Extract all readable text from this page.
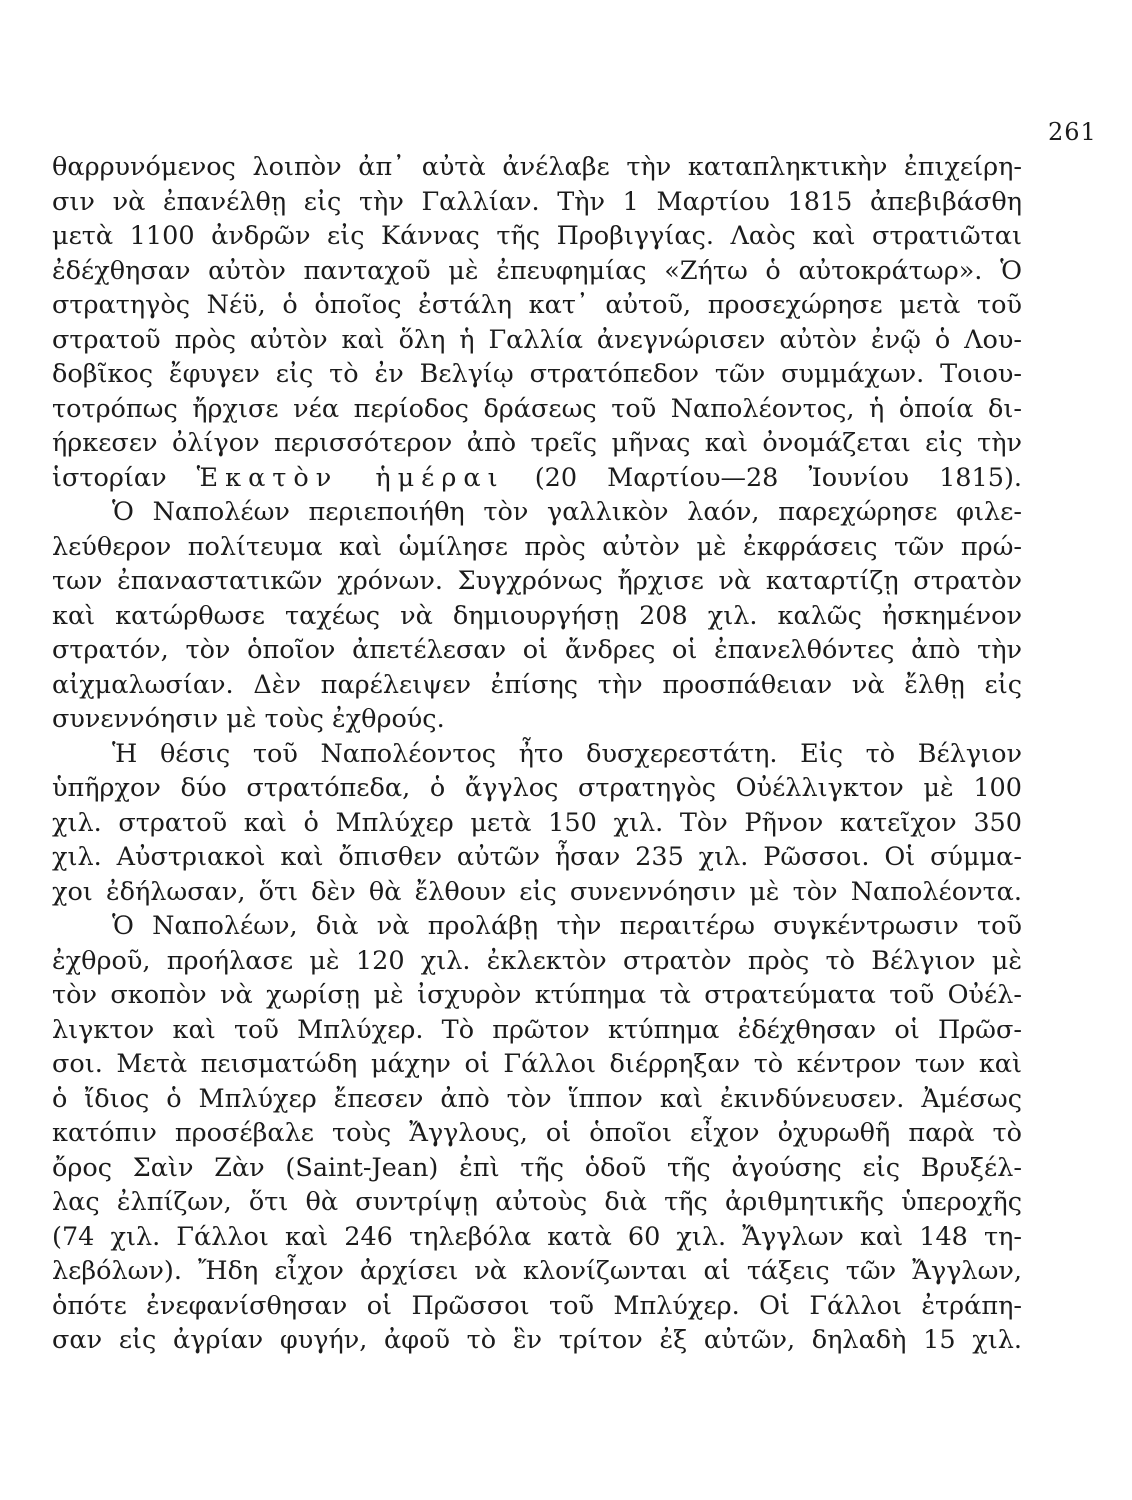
261
θαρρυνόμενος λοιπὸν ἀπ᾽ αὐτὰ ἀνέλαβε τὴν καταπληκτικὴν ἐπιχείρη-
σιν νὰ ἐπανέλθῃ εἰς τὴν Γαλλίαν. Τὴν 1 Μαρτίου 1815 ἀπεβιβάσθη
μετὰ 1100 ἀνδρῶν εἰς Κάννας τῆς Προβιγγίας. Λαὸς καὶ στρατιῶται
ἐδέχθησαν αὐτὸν πανταχοῦ μὲ ἐπευφημίας «Ζήτω ὁ αὐτοκράτωρ». Ὁ
στρατηγὸς Νέϋ, ὁ ὁποῖος ἐστάλη κατ᾽ αὐτοῦ, προσεχώρησε μετὰ τοῦ
στρατοῦ πρὸς αὐτὸν καὶ ὅλη ἡ Γαλλία ἀνεγνώρισεν αὐτὸν ἐνῷ ὁ Λου-
δοβῖκος ἔφυγεν εἰς τὸ ἐν Βελγίῳ στρατόπεδον τῶν συμμάχων. Τοιου-
τοτρόπως ἤρχισε νέα περίοδος δράσεως τοῦ Ναπολέοντος, ἡ ὁποία δι-
ήρκεσεν ὀλίγον περισσότερον ἀπὸ τρεῖς μῆνας καὶ ὀνομάζεται εἰς τὴν
ἱστορίαν Ἑκατὸν ἡμέραι (20 Μαρτίου—28 Ἰουνίου 1815).
Ὁ Ναπολέων περιεποιήθη τὸν γαλλικὸν λαόν, παρεχώρησε φιλε-
λεύθερον πολίτευμα καὶ ὡμίλησε πρὸς αὐτὸν μὲ ἐκφράσεις τῶν πρώ-
των ἐπαναστατικῶν χρόνων. Συγχρόνως ἤρχισε νὰ καταρτίζῃ στρατὸν
καὶ κατώρθωσε ταχέως νὰ δημιουργήσῃ 208 χιλ. καλῶς ἠσκημένον
στρατόν, τὸν ὁποῖον ἀπετέλεσαν οἱ ἄνδρες οἱ ἐπανελθόντες ἀπὸ τὴν
αἰχμαλωσίαν. Δὲν παρέλειψεν ἐπίσης τὴν προσπάθειαν νὰ ἔλθῃ εἰς
συνεννόησιν μὲ τοὺς ἐχθρούς.
Ἡ θέσις τοῦ Ναπολέοντος ἦτο δυσχερεστάτη. Εἰς τὸ Βέλγιον
ὑπῆρχον δύο στρατόπεδα, ὁ ἄγγλος στρατηγὸς Οὐέλλιγκτον μὲ 100
χιλ. στρατοῦ καὶ ὁ Μπλύχερ μετὰ 150 χιλ. Τὸν Ρῆνον κατεῖχον 350
χιλ. Αὐστριακοὶ καὶ ὄπισθεν αὐτῶν ἦσαν 235 χιλ. Ρῶσσοι. Οἱ σύμμα-
χοι ἐδήλωσαν, ὅτι δὲν θὰ ἔλθουν εἰς συνεννόησιν μὲ τὸν Ναπολέοντα.
Ὁ Ναπολέων, διὰ νὰ προλάβῃ τὴν περαιτέρω συγκέντρωσιν τοῦ
ἐχθροῦ, προήλασε μὲ 120 χιλ. ἐκλεκτὸν στρατὸν πρὸς τὸ Βέλγιον μὲ
τὸν σκοπὸν νὰ χωρίσῃ μὲ ἰσχυρὸν κτύπημα τὰ στρατεύματα τοῦ Οὐέλ-
λιγκτον καὶ τοῦ Μπλύχερ. Τὸ πρῶτον κτύπημα ἐδέχθησαν οἱ Πρῶσ-
σοι. Μετὰ πεισματώδη μάχην οἱ Γάλλοι διέρρηξαν τὸ κέντρον των καὶ
ὁ ἴδιος ὁ Μπλύχερ ἔπεσεν ἀπὸ τὸν ἵππον καὶ ἐκινδύνευσεν. Ἀμέσως
κατόπιν προσέβαλε τοὺς Ἄγγλους, οἱ ὁποῖοι εἶχον ὀχυρωθῆ παρὰ τὸ
ὄρος Σαὶν Ζὰν (Saint-Jean) ἐπὶ τῆς ὁδοῦ τῆς ἀγούσης εἰς Βρυξέλ-
λας ἐλπίζων, ὅτι θὰ συντρίψῃ αὐτοὺς διὰ τῆς ἀριθμητικῆς ὑπεροχῆς
(74 χιλ. Γάλλοι καὶ 246 τηλεβόλα κατὰ 60 χιλ. Ἄγγλων καὶ 148 τη-
λεβόλων). Ἤδη εἶχον ἀρχίσει νὰ κλονίζωνται αἱ τάξεις τῶν Ἄγγλων,
ὁπότε ἐνεφανίσθησαν οἱ Πρῶσσοι τοῦ Μπλύχερ. Οἱ Γάλλοι ἐτράπη-
σαν εἰς ἀγρίαν φυγήν, ἀφοῦ τὸ ἓν τρίτον ἐξ αὐτῶν, δηλαδὴ 15 χιλ.
